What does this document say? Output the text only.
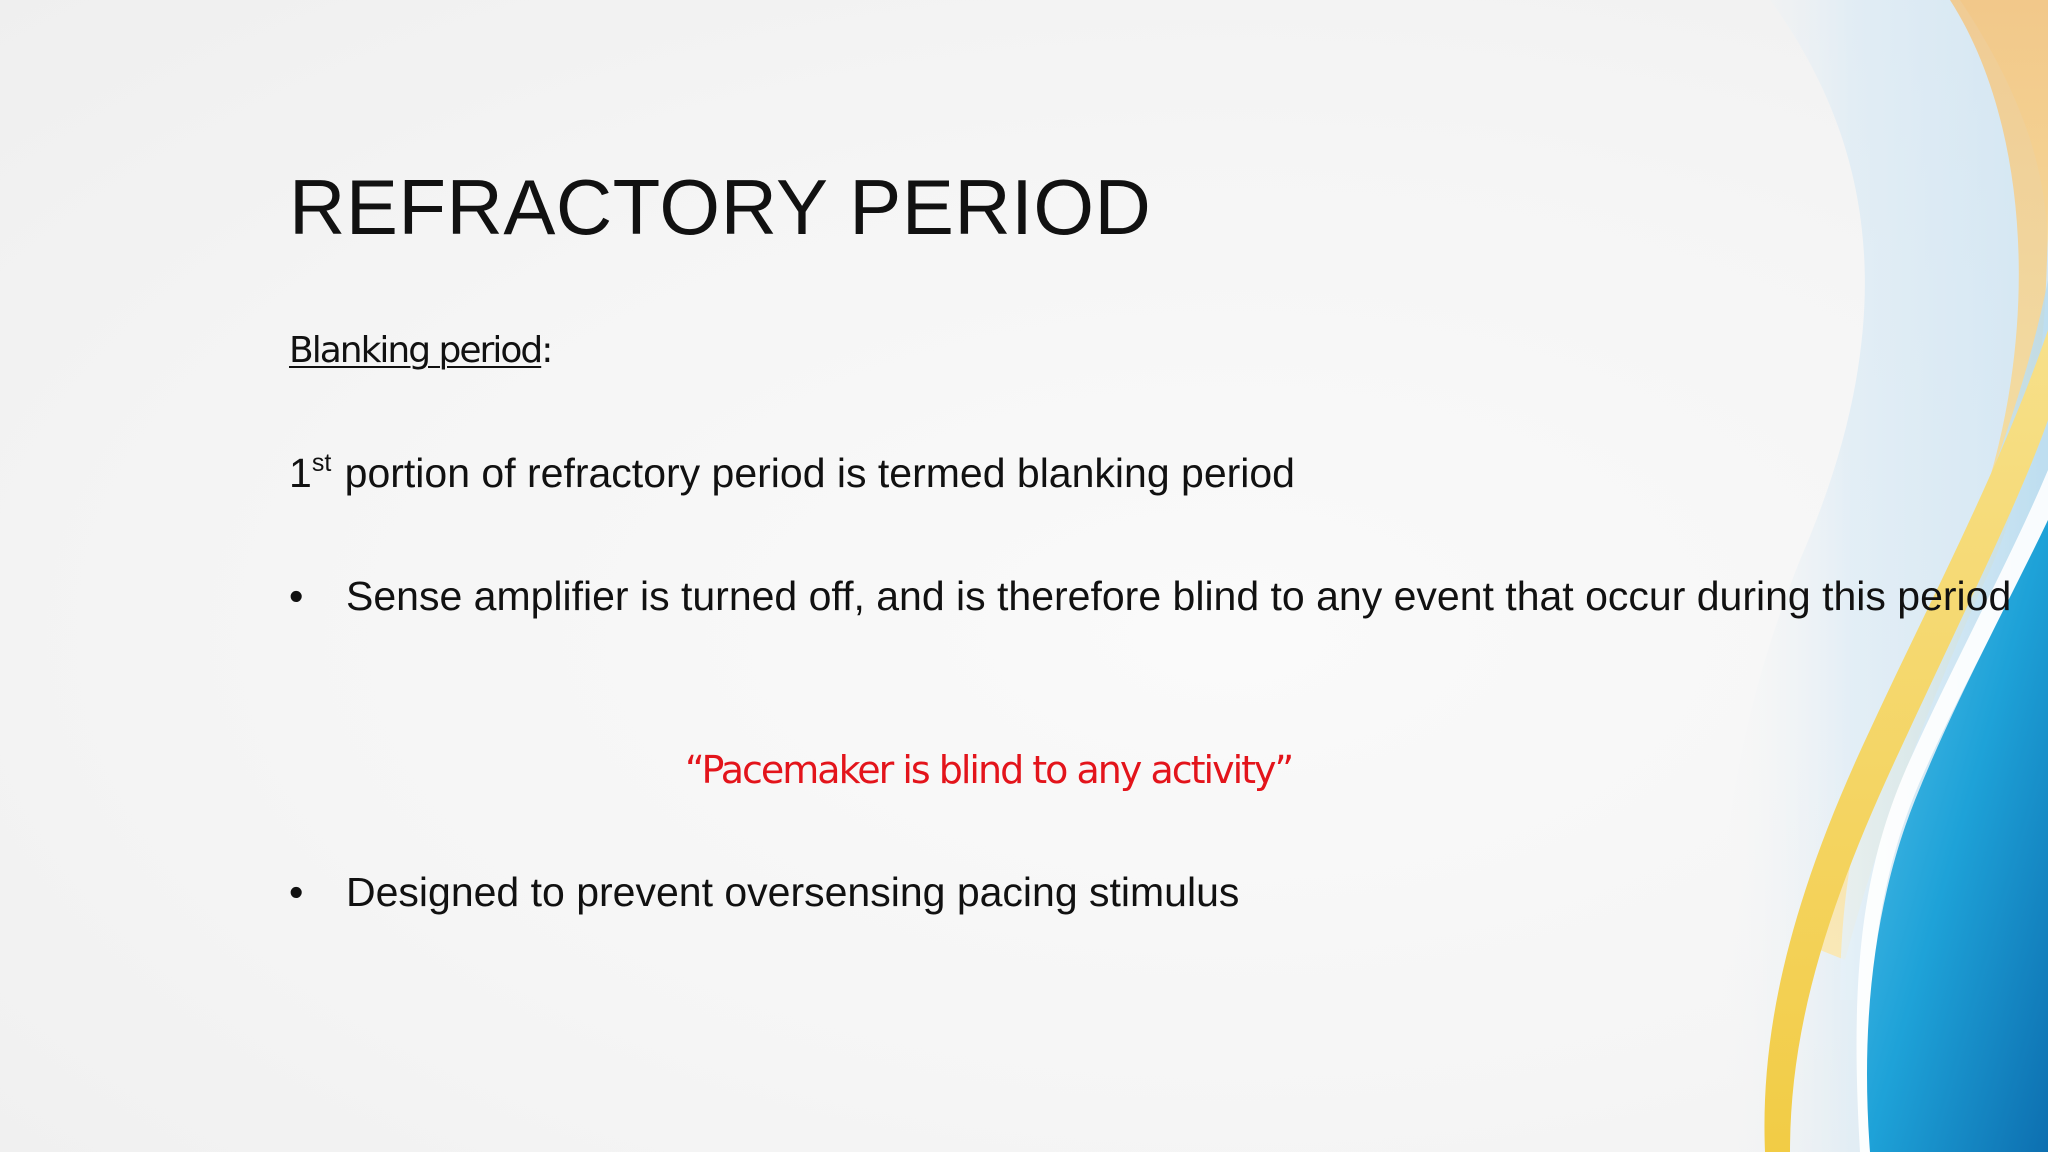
REFRACTORY PERIOD
Blanking period:
1st portion of refractory period is termed blanking period
•	Sense amplifier is turned off, and is therefore blind to any event that occur during this period
“Pacemaker is blind to any activity”
•	Designed to prevent oversensing pacing stimulus
